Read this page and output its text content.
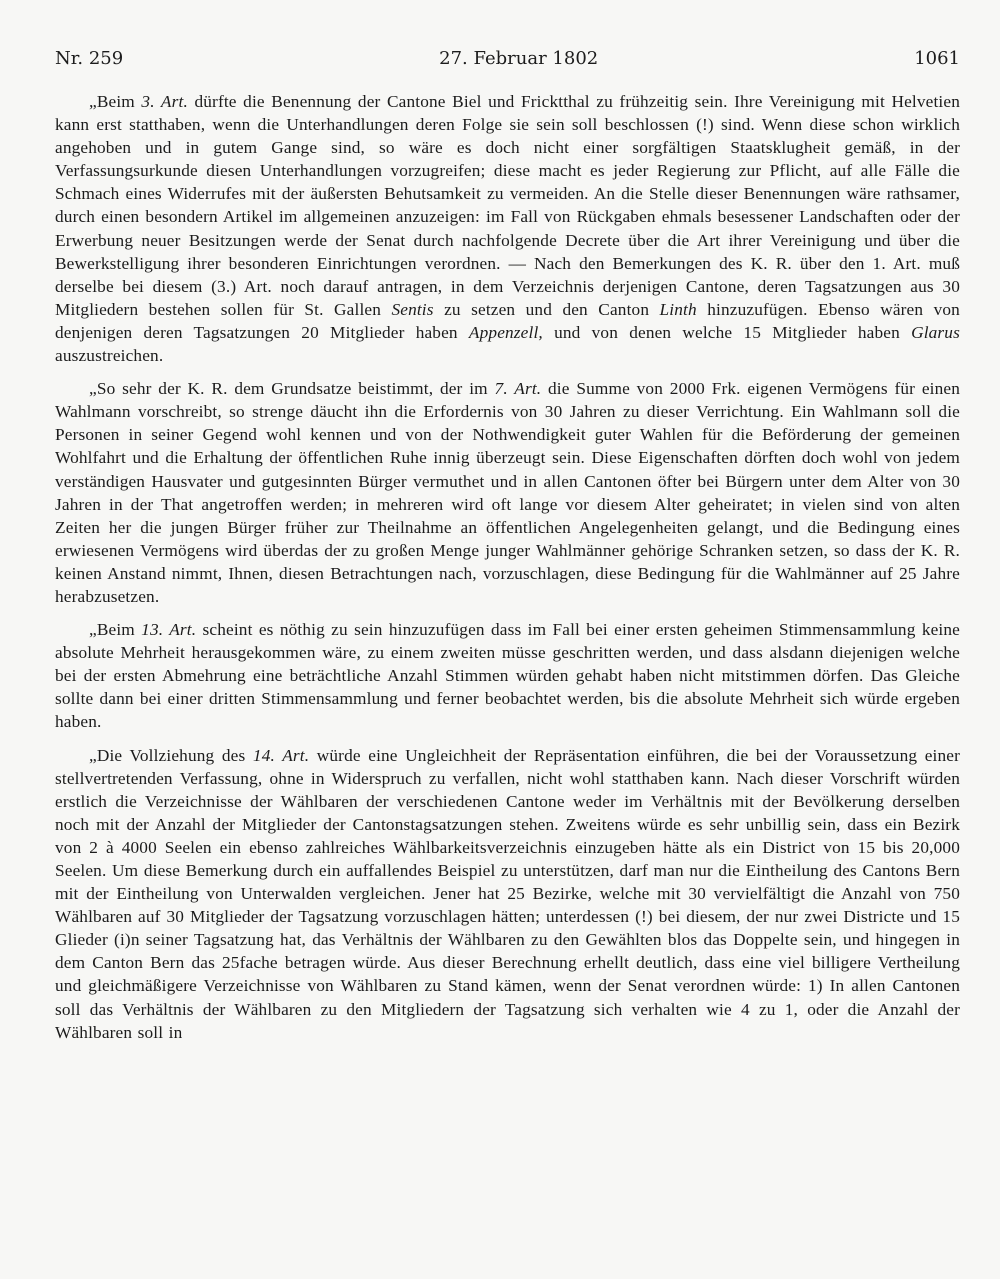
Nr. 259	27. Februar 1802	1061

„Beim 3. Art. dürfte die Benennung der Cantone Biel und Fricktthal zu frühzeitig sein. Ihre Vereinigung mit Helvetien kann erst statthaben, wenn die Unterhandlungen deren Folge sie sein soll beschlossen (!) sind. Wenn diese schon wirklich angehoben und in gutem Gange sind, so wäre es doch nicht einer sorgfältigen Staatsklugheit gemäß, in der Verfassungsurkunde diesen Unterhandlungen vorzugreifen; diese macht es jeder Regierung zur Pflicht, auf alle Fälle die Schmach eines Widerrufes mit der äußersten Behutsamkeit zu vermeiden. An die Stelle dieser Benennungen wäre rathsamer, durch einen besondern Artikel im allgemeinen anzuzeigen: im Fall von Rückgaben ehmals besessener Landschaften oder der Erwerbung neuer Besitzungen werde der Senat durch nachfolgende Decrete über die Art ihrer Vereinigung und über die Bewerkstelligung ihrer besonderen Einrichtungen verordnen. — Nach den Bemerkungen des K. R. über den 1. Art. muß derselbe bei diesem (3.) Art. noch darauf antragen, in dem Verzeichnis derjenigen Cantone, deren Tagsatzungen aus 30 Mitgliedern bestehen sollen für St. Gallen Sentis zu setzen und den Canton Linth hinzuzufügen. Ebenso wären von denjenigen deren Tagsatzungen 20 Mitglieder haben Appenzell, und von denen welche 15 Mitglieder haben Glarus auszustreichen.

„So sehr der K. R. dem Grundsatze beistimmt, der im 7. Art. die Summe von 2000 Frk. eigenen Vermögens für einen Wahlmann vorschreibt, so strenge däucht ihn die Erfordernis von 30 Jahren zu dieser Verrichtung. Ein Wahlmann soll die Personen in seiner Gegend wohl kennen und von der Nothwendigkeit guter Wahlen für die Beförderung der gemeinen Wohlfahrt und die Erhaltung der öffentlichen Ruhe innig überzeugt sein. Diese Eigenschaften dörften doch wohl von jedem verständigen Hausvater und gutgesinnten Bürger vermuthet und in allen Cantonen öfter bei Bürgern unter dem Alter von 30 Jahren in der That angetroffen werden; in mehreren wird oft lange vor diesem Alter geheiratet; in vielen sind von alten Zeiten her die jungen Bürger früher zur Theilnahme an öffentlichen Angelegenheiten gelangt, und die Bedingung eines erwiesenen Vermögens wird überdas der zu großen Menge junger Wahlmänner gehörige Schranken setzen, so dass der K. R. keinen Anstand nimmt, Ihnen, diesen Betrachtungen nach, vorzuschlagen, diese Bedingung für die Wahlmänner auf 25 Jahre herabzusetzen.

„Beim 13. Art. scheint es nöthig zu sein hinzuzufügen dass im Fall bei einer ersten geheimen Stimmensammlung keine absolute Mehrheit herausgekommen wäre, zu einem zweiten müsse geschritten werden, und dass alsdann diejenigen welche bei der ersten Abmehrung eine beträchtliche Anzahl Stimmen würden gehabt haben nicht mitstimmen dörfen. Das Gleiche sollte dann bei einer dritten Stimmensammlung und ferner beobachtet werden, bis die absolute Mehrheit sich würde ergeben haben.

„Die Vollziehung des 14. Art. würde eine Ungleichheit der Repräsentation einführen, die bei der Voraussetzung einer stellvertretenden Verfassung, ohne in Widerspruch zu verfallen, nicht wohl statthaben kann. Nach dieser Vorschrift würden erstlich die Verzeichnisse der Wählbaren der verschiedenen Cantone weder im Verhältnis mit der Bevölkerung derselben noch mit der Anzahl der Mitglieder der Cantonstagsatzungen stehen. Zweitens würde es sehr unbillig sein, dass ein Bezirk von 2 à 4000 Seelen ein ebenso zahlreiches Wählbarkeitsverzeichnis einzugeben hätte als ein District von 15 bis 20,000 Seelen. Um diese Bemerkung durch ein auffallendes Beispiel zu unterstützen, darf man nur die Eintheilung des Cantons Bern mit der Eintheilung von Unterwalden vergleichen. Jener hat 25 Bezirke, welche mit 30 vervielfältigt die Anzahl von 750 Wählbaren auf 30 Mitglieder der Tagsatzung vorzuschlagen hätten; unterdessen (!) bei diesem, der nur zwei Districte und 15 Glieder (i)n seiner Tagsatzung hat, das Verhältnis der Wählbaren zu den Gewählten blos das Doppelte sein, und hingegen in dem Canton Bern das 25fache betragen würde. Aus dieser Berechnung erhellt deutlich, dass eine viel billigere Vertheilung und gleichmäßigere Verzeichnisse von Wählbaren zu Stand kämen, wenn der Senat verordnen würde: 1) In allen Cantonen soll das Verhältnis der Wählbaren zu den Mitgliedern der Tagsatzung sich verhalten wie 4 zu 1, oder die Anzahl der Wählbaren soll in
